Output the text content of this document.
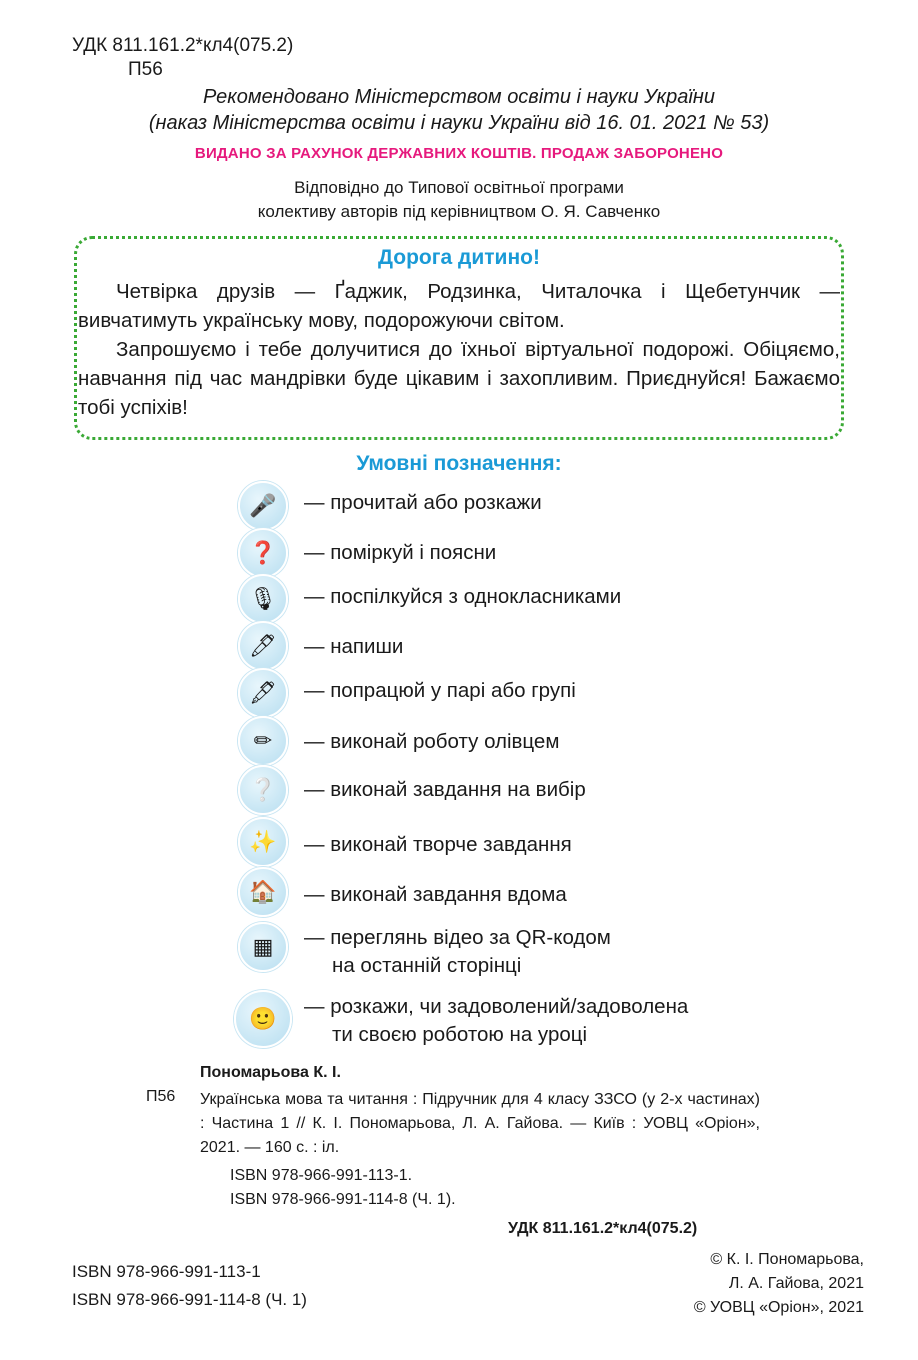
УДК 811.161.2*кл4(075.2)
П56
Рекомендовано Міністерством освіти і науки України
(наказ Міністерства освіти і науки України від 16. 01. 2021 № 53)
ВИДАНО ЗА РАХУНОК ДЕРЖАВНИХ КОШТІВ. ПРОДАЖ ЗАБОРОНЕНО
Відповідно до Типової освітньої програми
колективу авторів під керівництвом О. Я. Савченко
Дорога дитино!

Четвірка друзів — Ґаджик, Родзинка, Читалочка і Щебетунчик — вивчатимуть українську мову, подорожуючи світом.

Запрошуємо і тебе долучитися до їхньої віртуальної подорожі. Обіцяємо, навчання під час мандрівки буде цікавим і захопливим. Приєднуйся! Бажаємо тобі успіхів!

Умовні позначення:
🎤	— прочитай або розкажи
❓	— поміркуй і поясни
🎙	— поспілкуйся з однокласниками
🖊	— напиши
🖋	— попрацюй у парі або групі
✏	— виконай роботу олівцем
❔	— виконай завдання на вибір
✨	— виконай творче завдання
🏠	— виконай завдання вдома
▦	— переглянь відео за QR-кодом
на останній сторінці
🙂	— розкажи, чи задоволений/задоволена
ти своєю роботою на уроці
Пономарьова К. І.
П56 Українська мова та читання : Підручник для 4 класу ЗЗСО (у 2-х частинах) : Частина 1 // К. І. Пономарьова, Л. А. Гайова. — Київ : УОВЦ «Оріон», 2021. — 160 с. : іл.
ISBN 978-966-991-113-1.
ISBN 978-966-991-114-8 (Ч. 1).
УДК 811.161.2*кл4(075.2)
ISBN 978-966-991-113-1
ISBN 978-966-991-114-8 (Ч. 1)
© К. І. Пономарьова,
Л. А. Гайова, 2021
© УОВЦ «Оріон», 2021
